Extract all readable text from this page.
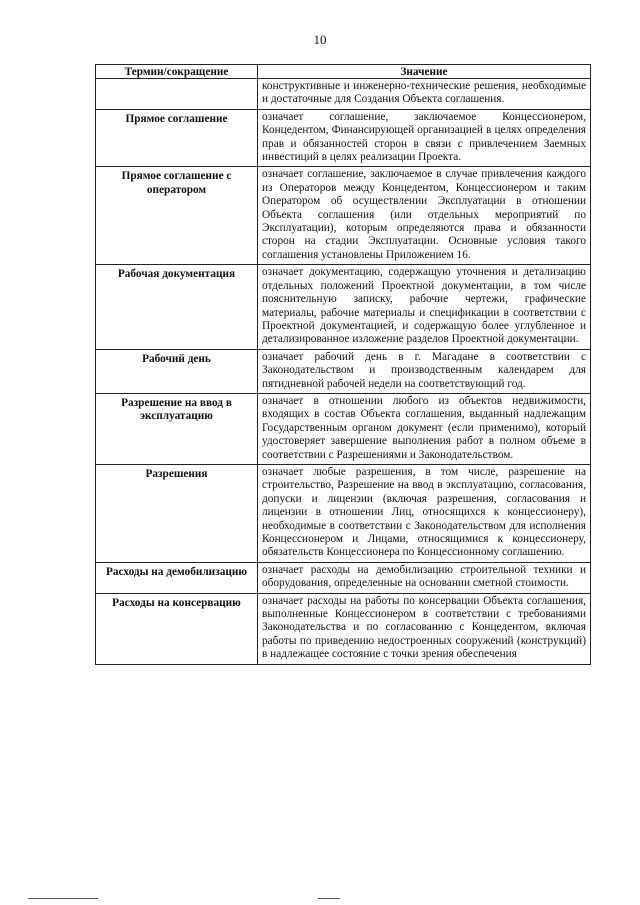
10
Термин/сокращение	Значение
	конструктивные и инженерно-технические решения, необходимые и достаточные для Создания Объекта соглашения.
Прямое соглашение	означает соглашение, заключаемое Концессионером, Концедентом, Финансирующей организацией в целях определения прав и обязанностей сторон в связи с привлечением Заемных инвестиций в целях реализации Проекта.
Прямое соглашение с оператором	означает соглашение, заключаемое в случае привлечения каждого из Операторов между Концедентом, Концессионером и таким Оператором об осуществлении Эксплуатации в отношении Объекта соглашения (или отдельных мероприятий по Эксплуатации), которым определяются права и обязанности сторон на стадии Эксплуатации. Основные условия такого соглашения установлены Приложением 16.
Рабочая документация	означает документацию, содержащую уточнения и детализацию отдельных положений Проектной документации, в том числе пояснительную записку, рабочие чертежи, графические материалы, рабочие материалы и спецификации в соответствии с Проектной документацией, и содержащую более углубленное и детализированное изложение разделов Проектной документации.
Рабочий день	означает рабочий день в г. Магадане в соответствии с Законодательством и производственным календарем для пятидневной рабочей недели на соответствующий год.
Разрешение на ввод в эксплуатацию	означает в отношении любого из объектов недвижимости, входящих в состав Объекта соглашения, выданный надлежащим Государственным органом документ (если применимо), который удостоверяет завершение выполнения работ в полном объеме в соответствии с Разрешениями и Законодательством.
Разрешения	означает любые разрешения, в том числе, разрешение на строительство, Разрешение на ввод в эксплуатацию, согласования, допуски и лицензии (включая разрешения, согласования и лицензии в отношении Лиц, относящихся к концессионеру), необходимые в соответствии с Законодательством для исполнения Концессионером и Лицами, относящимися к концессионеру, обязательств Концессионера по Концессионному соглашению.
Расходы на демобилизацию	означает расходы на демобилизацию строительной техники и оборудования, определенные на основании сметной стоимости.
Расходы на консервацию	означает расходы на работы по консервации Объекта соглашения, выполненные Концессионером в соответствии с требованиями Законодательства и по согласованию с Концедентом, включая работы по приведению недостроенных сооружений (конструкций) в надлежащее состояние с точки зрения обеспечения
